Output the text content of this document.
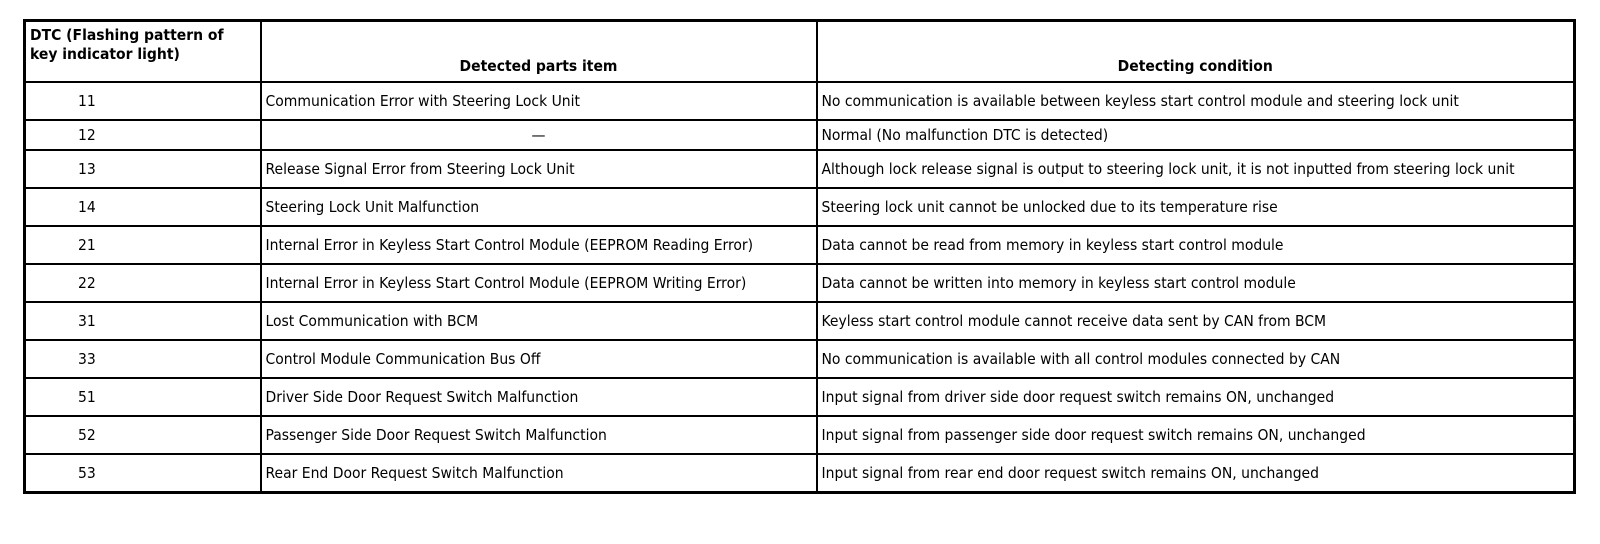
DTC (Flashing pattern of key indicator light)	Detected parts item	Detecting condition
11	Communication Error with Steering Lock Unit	No communication is available between keyless start control module and steering lock unit
12	—	Normal (No malfunction DTC is detected)
13	Release Signal Error from Steering Lock Unit	Although lock release signal is output to steering lock unit, it is not inputted from steering lock unit
14	Steering Lock Unit Malfunction	Steering lock unit cannot be unlocked due to its temperature rise
21	Internal Error in Keyless Start Control Module (EEPROM Reading Error)	Data cannot be read from memory in keyless start control module
22	Internal Error in Keyless Start Control Module (EEPROM Writing Error)	Data cannot be written into memory in keyless start control module
31	Lost Communication with BCM	Keyless start control module cannot receive data sent by CAN from BCM
33	Control Module Communication Bus Off	No communication is available with all control modules connected by CAN
51	Driver Side Door Request Switch Malfunction	Input signal from driver side door request switch remains ON, unchanged
52	Passenger Side Door Request Switch Malfunction	Input signal from passenger side door request switch remains ON, unchanged
53	Rear End Door Request Switch Malfunction	Input signal from rear end door request switch remains ON, unchanged
